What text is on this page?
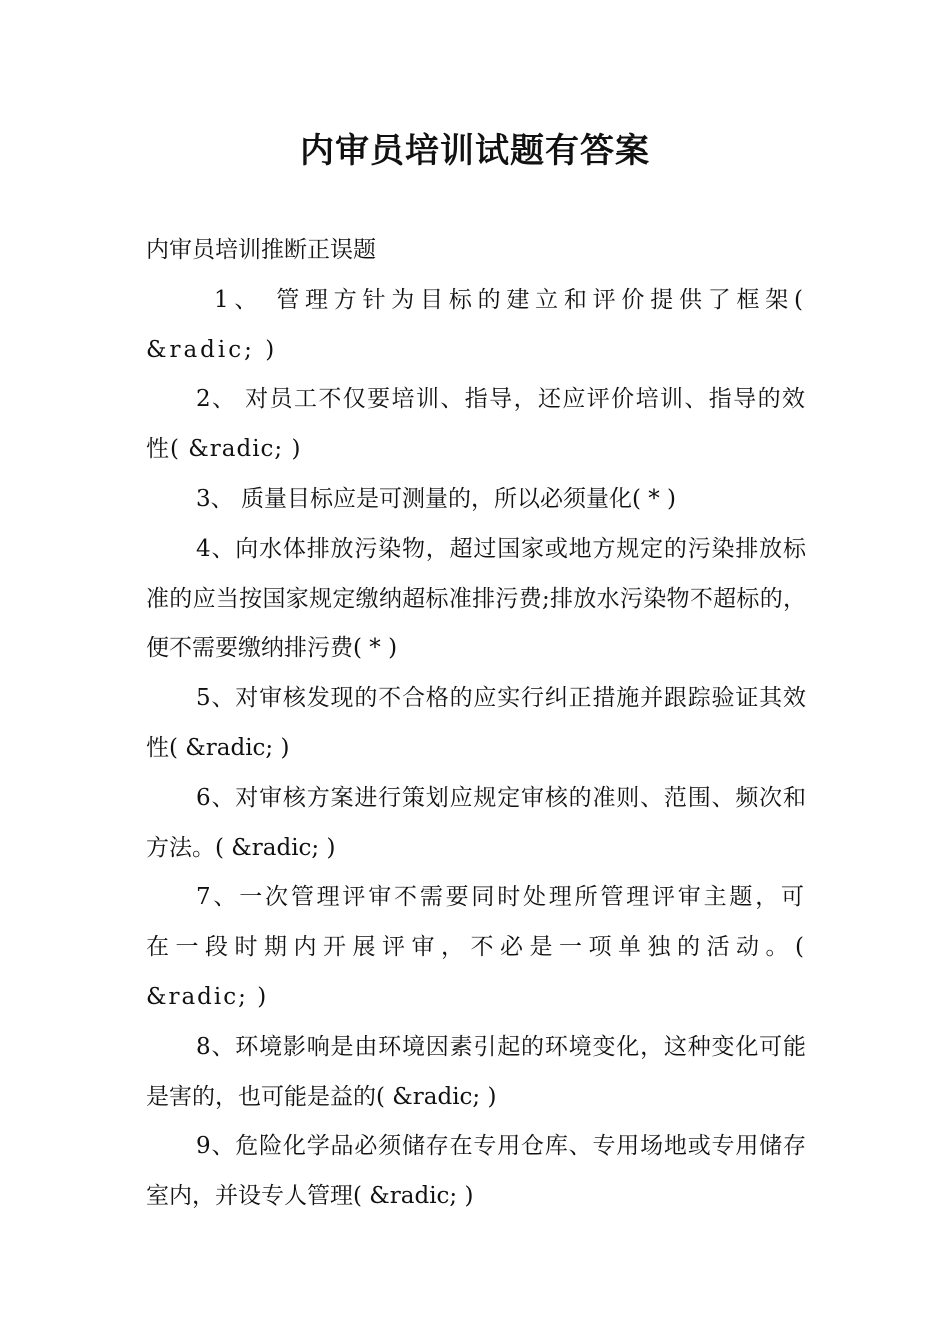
内审员培训试题有答案

内审员培训推断正误题

1、 管理方针为目标的建立和评价提供了框架( &radic; )

2、 对员工不仅要培训、指导，还应评价培训、指导的效性( &radic; )

3、 质量目标应是可测量的，所以必须量化( * )

4、向水体排放污染物，超过国家或地方规定的污染排放标准的应当按国家规定缴纳超标准排污费;排放水污染物不超标的，便不需要缴纳排污费( * )

5、对审核发现的不合格的应实行纠正措施并跟踪验证其效性( &radic; )

6、对审核方案进行策划应规定审核的准则、范围、频次和方法。( &radic; )

7、一次管理评审不需要同时处理所管理评审主题，可在一段时期内开展评审，不必是一项单独的活动。( &radic; )

8、环境影响是由环境因素引起的环境变化，这种变化可能是害的，也可能是益的( &radic; )

9、危险化学品必须储存在专用仓库、专用场地或专用储存室内，并设专人管理( &radic; )
